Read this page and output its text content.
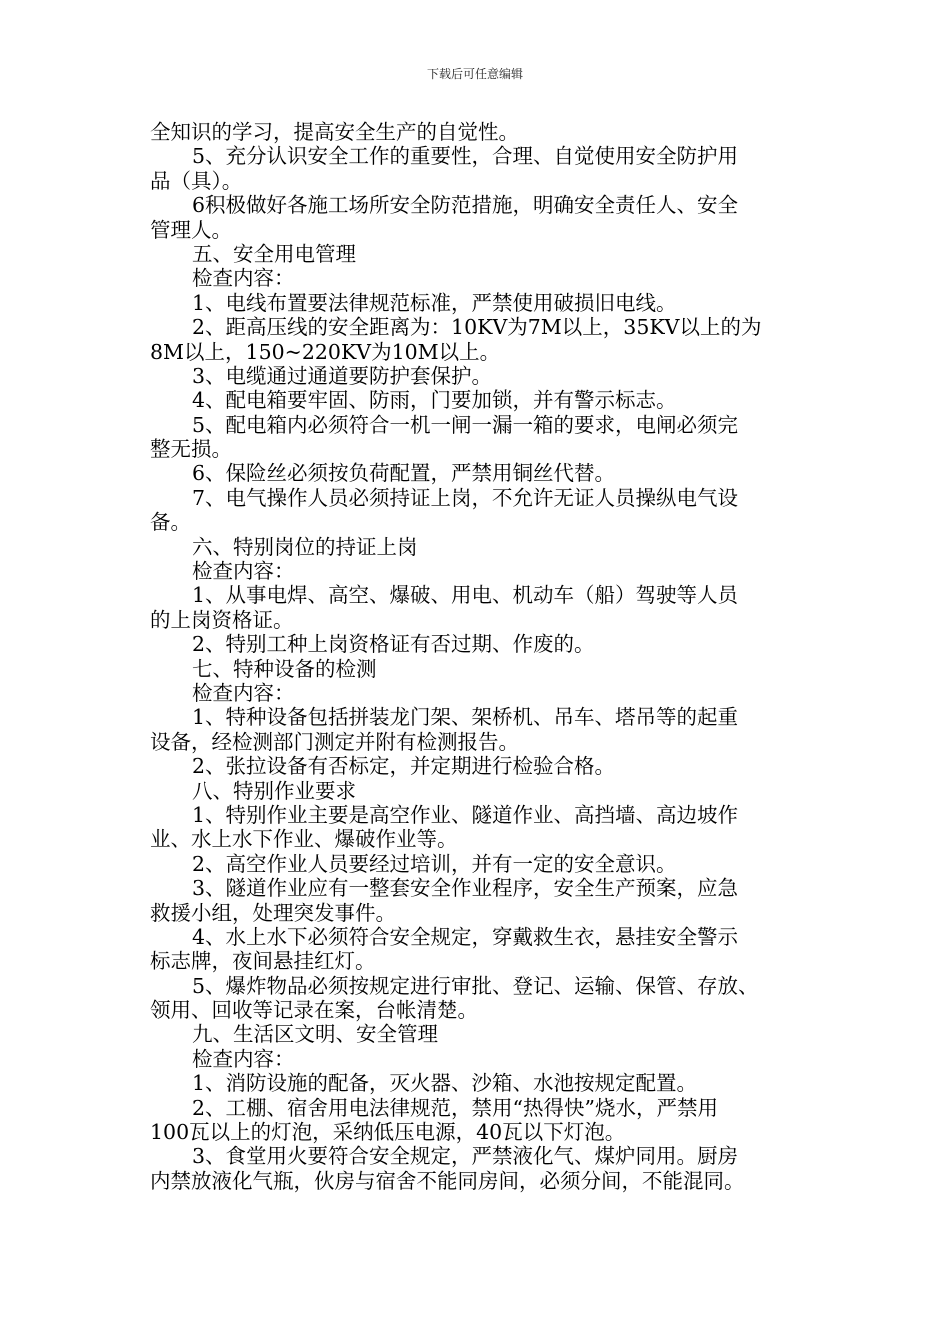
下载后可任意编辑
全知识的学习，提高安全生产的自觉性。
5、充分认识安全工作的重要性，合理、自觉使用安全防护用
品（具）。
6积极做好各施工场所安全防范措施，明确安全责任人、安全
管理人。
五、安全用电管理
检查内容：
1、电线布置要法律规范标准，严禁使用破损旧电线。
2、距高压线的安全距离为：10KV为7M以上，35KV以上的为
8M以上，150~220KV为10M以上。
3、电缆通过通道要防护套保护。
4、配电箱要牢固、防雨，门要加锁，并有警示标志。
5、配电箱内必须符合一机一闸一漏一箱的要求，电闸必须完
整无损。
6、保险丝必须按负荷配置，严禁用铜丝代替。
7、电气操作人员必须持证上岗，不允许无证人员操纵电气设
备。
六、特别岗位的持证上岗
检查内容：
1、从事电焊、高空、爆破、用电、机动车（船）驾驶等人员
的上岗资格证。
2、特别工种上岗资格证有否过期、作废的。
七、特种设备的检测
检查内容：
1、特种设备包括拼装龙门架、架桥机、吊车、塔吊等的起重
设备，经检测部门测定并附有检测报告。
2、张拉设备有否标定，并定期进行检验合格。
八、特别作业要求
1、特别作业主要是高空作业、隧道作业、高挡墙、高边坡作
业、水上水下作业、爆破作业等。
2、高空作业人员要经过培训，并有一定的安全意识。
3、隧道作业应有一整套安全作业程序，安全生产预案，应急
救援小组，处理突发事件。
4、水上水下必须符合安全规定，穿戴救生衣，悬挂安全警示
标志牌，夜间悬挂红灯。
5、爆炸物品必须按规定进行审批、登记、运输、保管、存放、
领用、回收等记录在案，台帐清楚。
九、生活区文明、安全管理
检查内容：
1、消防设施的配备，灭火器、沙箱、水池按规定配置。
2、工棚、宿舍用电法律规范，禁用“热得快”烧水，严禁用
100瓦以上的灯泡，采纳低压电源，40瓦以下灯泡。
3、食堂用火要符合安全规定，严禁液化气、煤炉同用。厨房
内禁放液化气瓶，伙房与宿舍不能同房间，必须分间，不能混同。
